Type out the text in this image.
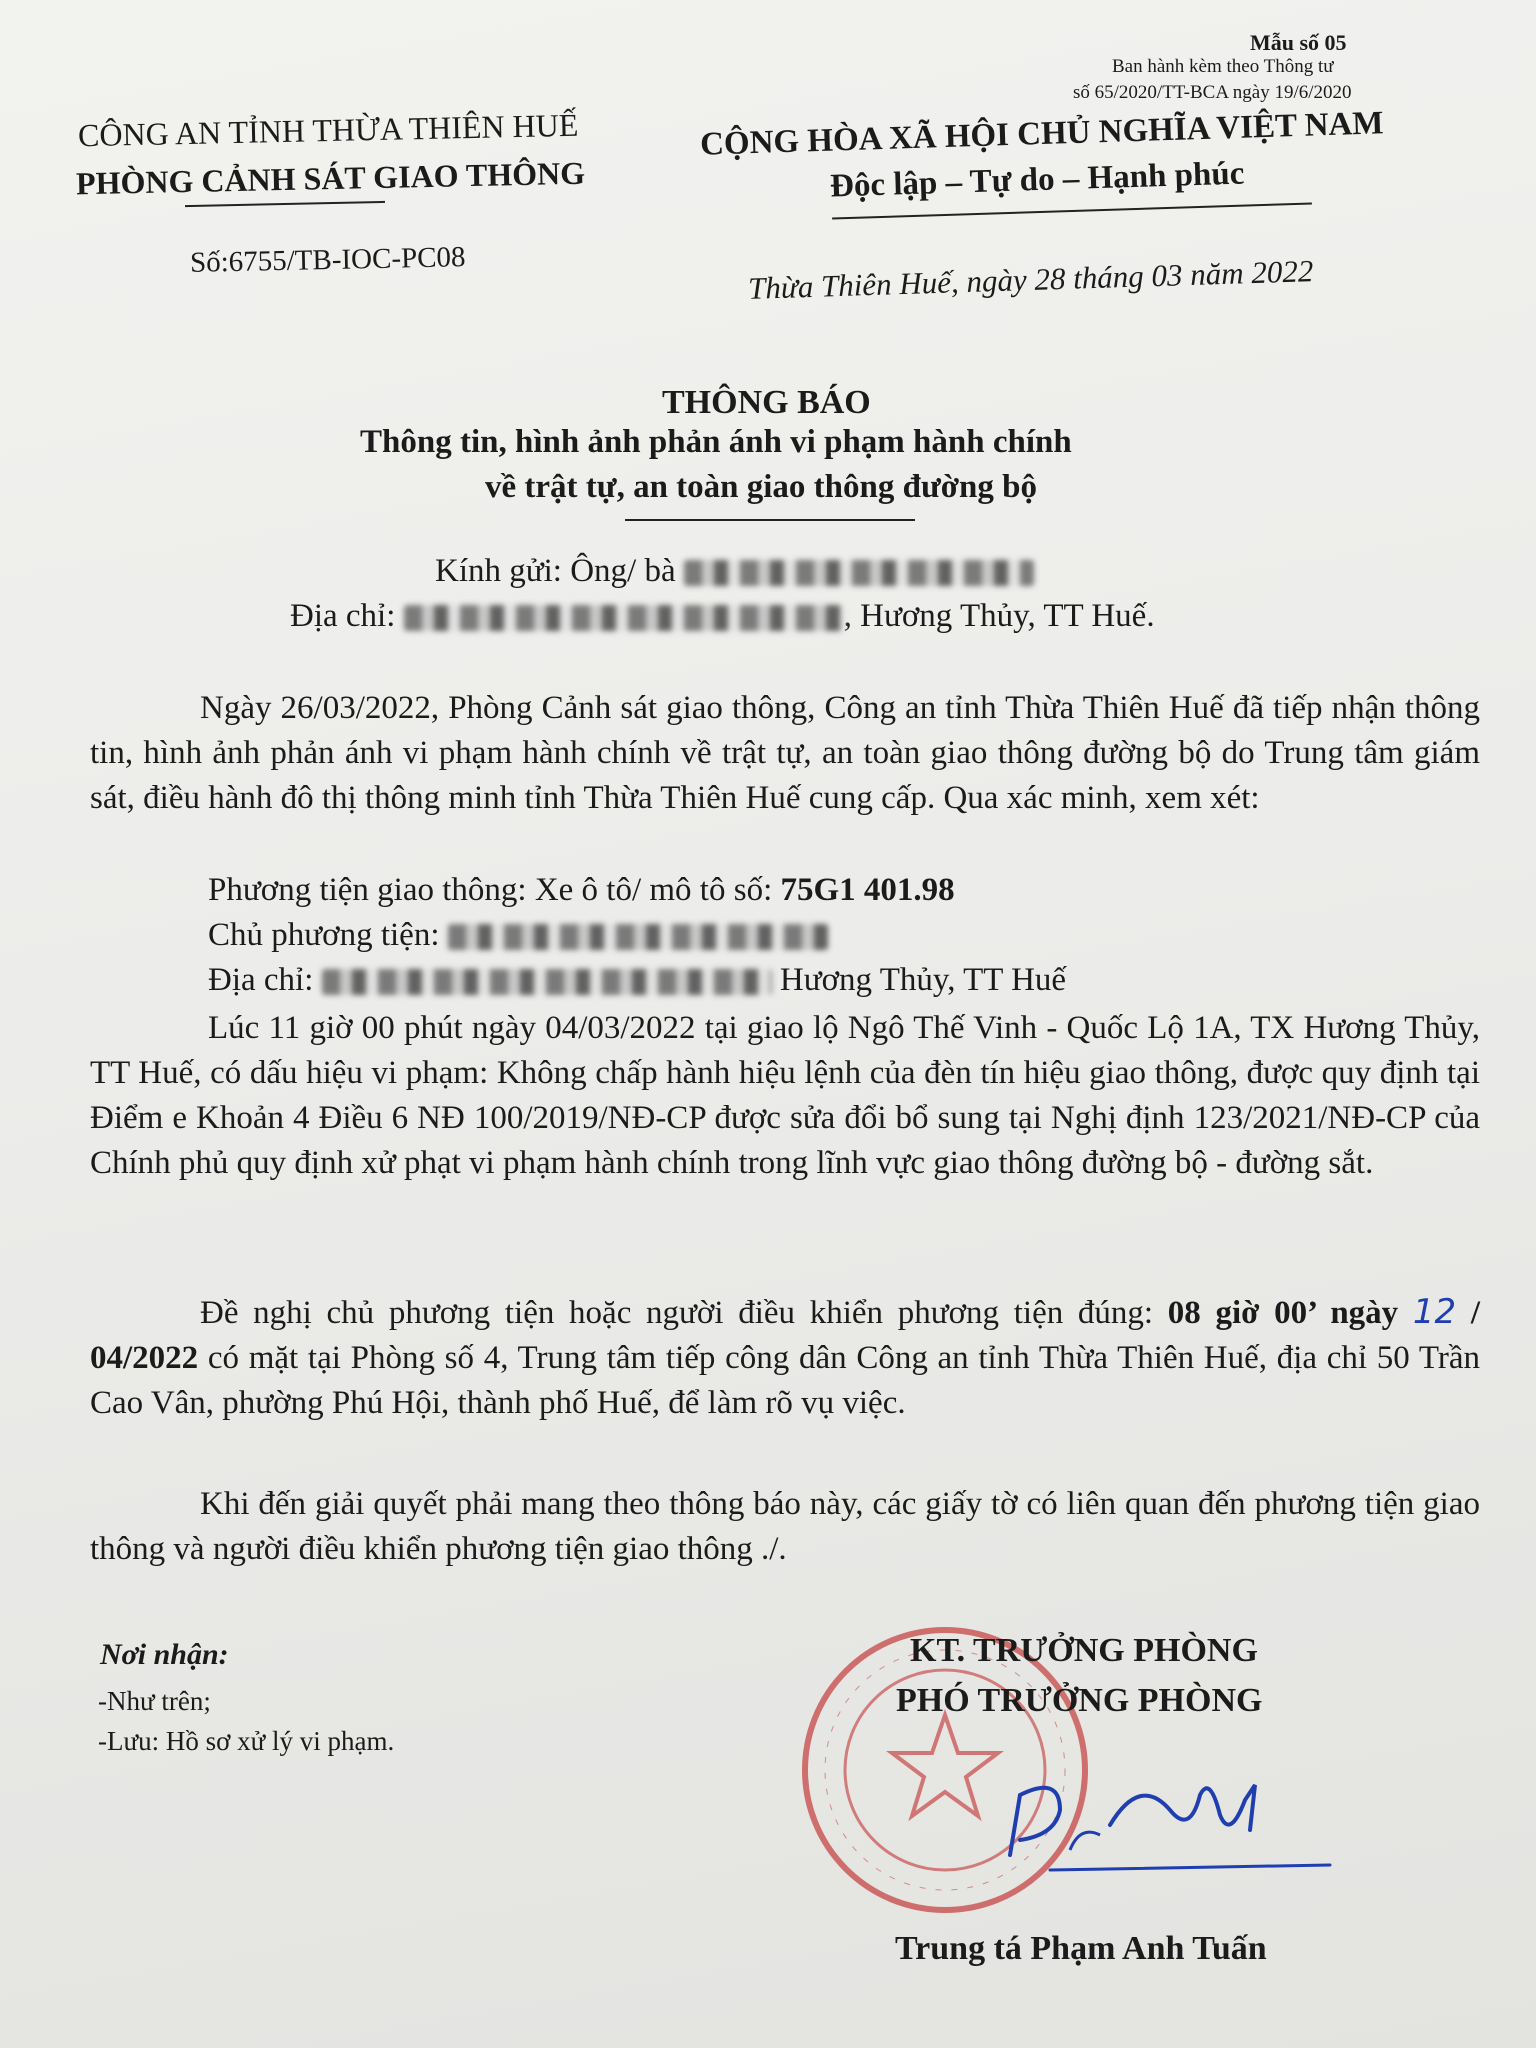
Mẫu số 05
Ban hành kèm theo Thông tư
số 65/2020/TT-BCA ngày 19/6/2020
CÔNG AN TỈNH THỪA THIÊN HUẾ
PHÒNG CẢNH SÁT GIAO THÔNG
Số:6755/TB-IOC-PC08
CỘNG HÒA XÃ HỘI CHỦ NGHĨA VIỆT NAM
Độc lập – Tự do – Hạnh phúc
Thừa Thiên Huế, ngày 28 tháng 03 năm 2022
THÔNG BÁO
Thông tin, hình ảnh phản ánh vi phạm hành chính
về trật tự, an toàn giao thông đường bộ
Kính gửi: Ông/ bà
Địa chỉ:	, Hương Thủy, TT Huế.
Ngày 26/03/2022, Phòng Cảnh sát giao thông, Công an tỉnh Thừa Thiên Huế đã tiếp nhận thông tin, hình ảnh phản ánh vi phạm hành chính về trật tự, an toàn giao thông đường bộ do Trung tâm giám sát, điều hành đô thị thông minh tỉnh Thừa Thiên Huế cung cấp. Qua xác minh, xem xét:
Phương tiện giao thông: Xe ô tô/ mô tô số: 75G1 401.98
Chủ phương tiện:
Địa chỉ:	Hương Thủy, TT Huế
Lúc 11 giờ 00 phút ngày 04/03/2022 tại giao lộ Ngô Thế Vinh - Quốc Lộ 1A, TX Hương Thủy, TT Huế, có dấu hiệu vi phạm: Không chấp hành hiệu lệnh của đèn tín hiệu giao thông, được quy định tại Điểm e Khoản 4 Điều 6 NĐ 100/2019/NĐ-CP được sửa đổi bổ sung tại Nghị định 123/2021/NĐ-CP của Chính phủ quy định xử phạt vi phạm hành chính trong lĩnh vực giao thông đường bộ - đường sắt.
Đề nghị chủ phương tiện hoặc người điều khiển phương tiện đúng: 08 giờ 00’ ngày 12 / 04/2022 có mặt tại Phòng số 4, Trung tâm tiếp công dân Công an tỉnh Thừa Thiên Huế, địa chỉ 50 Trần Cao Vân, phường Phú Hội, thành phố Huế, để làm rõ vụ việc.
Khi đến giải quyết phải mang theo thông báo này, các giấy tờ có liên quan đến phương tiện giao thông và người điều khiển phương tiện giao thông ./.
Nơi nhận:
-Như trên;
-Lưu: Hồ sơ xử lý vi phạm.
KT. TRƯỞNG PHÒNG
PHÓ TRƯỞNG PHÒNG
Trung tá Phạm Anh Tuấn
